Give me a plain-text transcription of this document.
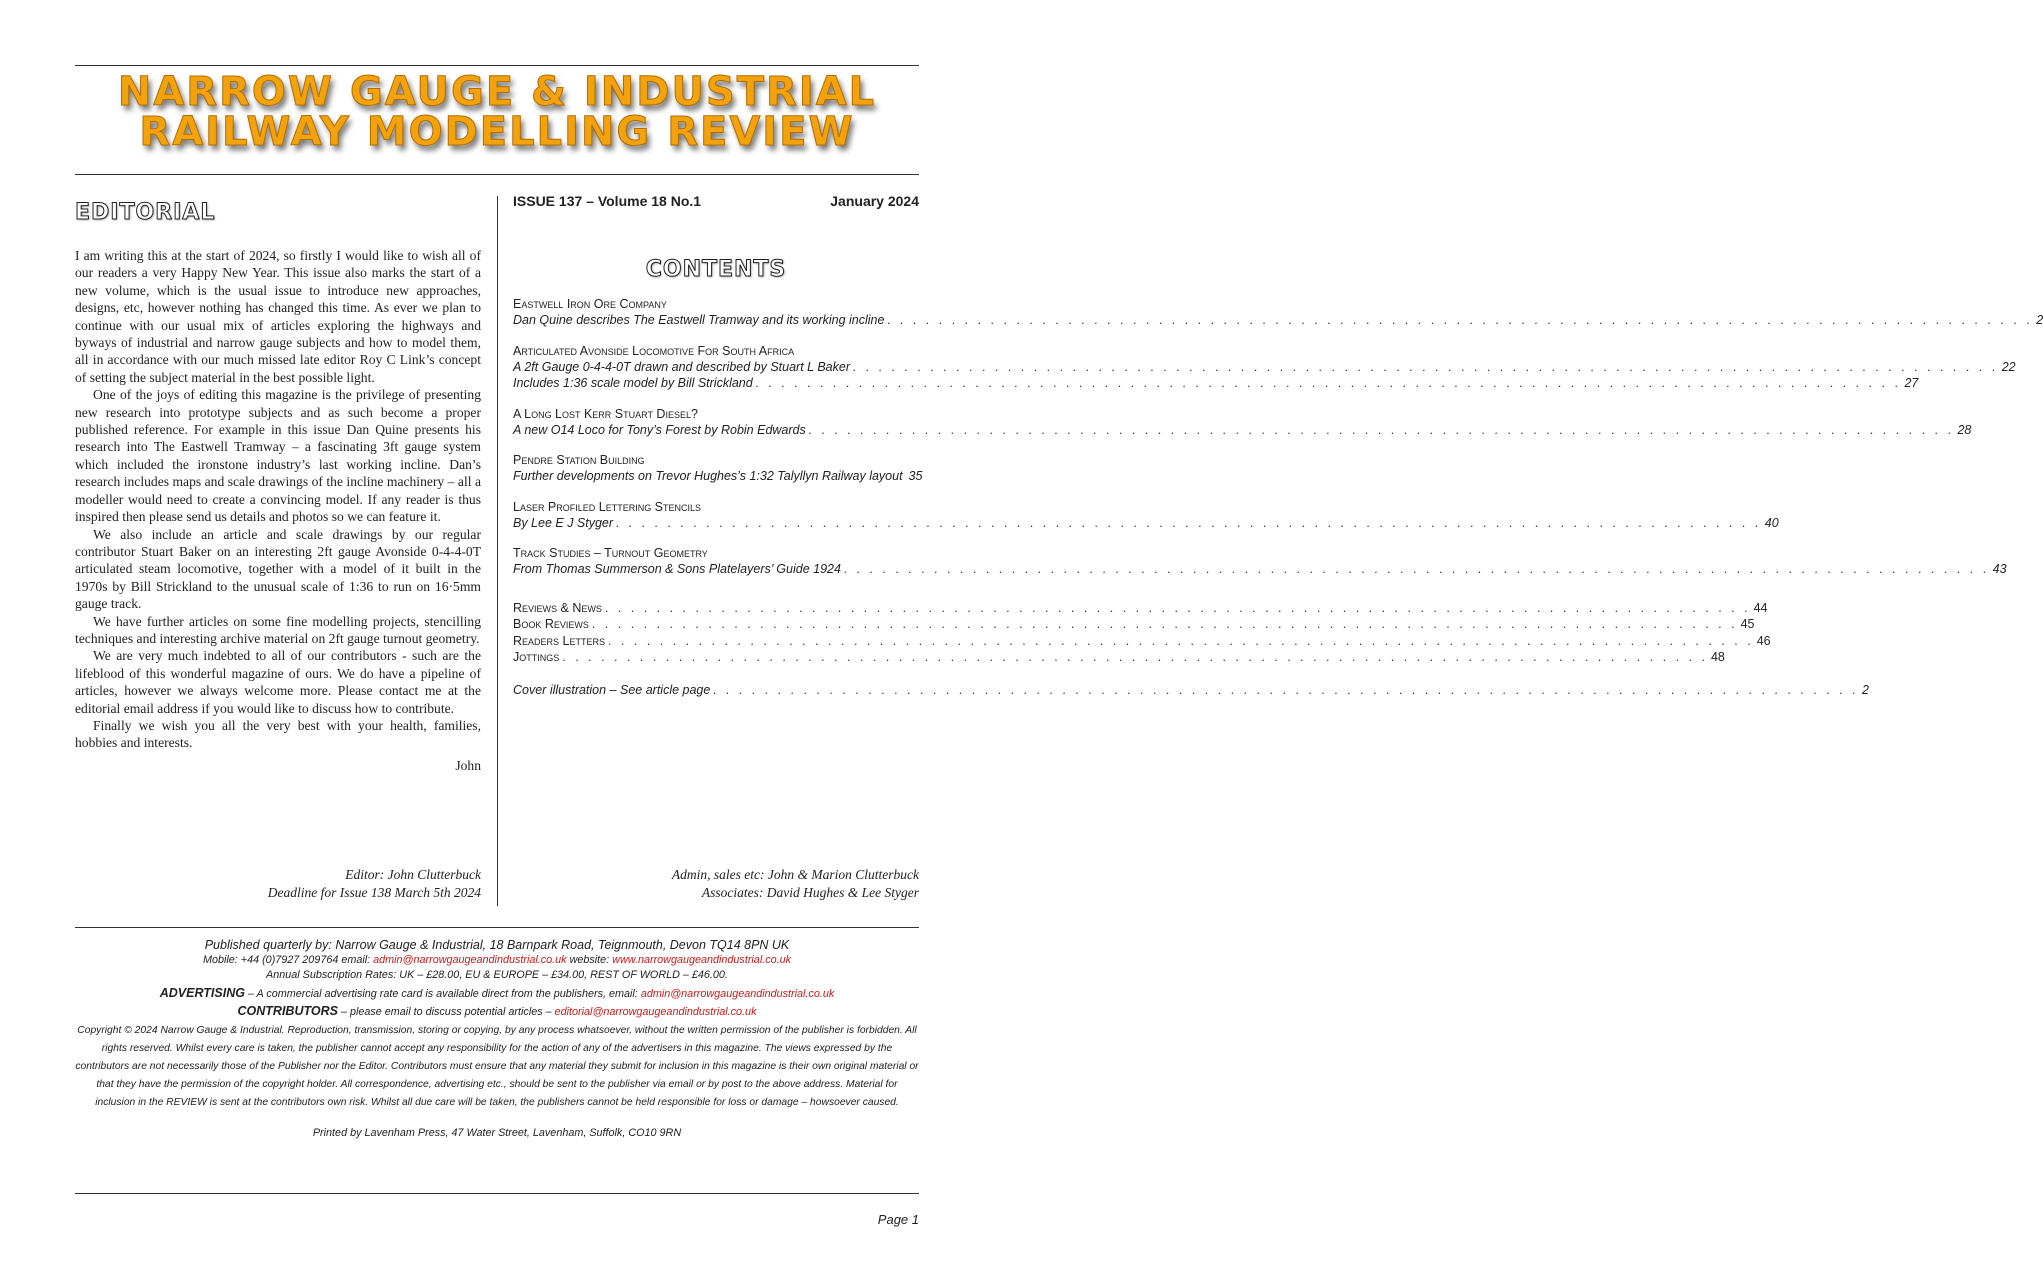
NARROW GAUGE & INDUSTRIAL
RAILWAY MODELLING REVIEW
EDITORIAL

I am writing this at the start of 2024, so firstly I would like to wish all of our readers a very Happy New Year. This issue also marks the start of a new volume, which is the usual issue to introduce new approaches, designs, etc, however nothing has changed this time. As ever we plan to continue with our usual mix of articles exploring the highways and byways of industrial and narrow gauge subjects and how to model them, all in accordance with our much missed late editor Roy C Link’s concept of setting the subject material in the best possible light.

One of the joys of editing this magazine is the privilege of presenting new research into prototype subjects and as such become a proper published reference. For example in this issue Dan Quine presents his research into The Eastwell Tramway – a fascinating 3ft gauge system which included the ironstone industry’s last working incline. Dan’s research includes maps and scale drawings of the incline machinery – all a modeller would need to create a convincing model. If any reader is thus inspired then please send us details and photos so we can feature it.

We also include an article and scale drawings by our regular contributor Stuart Baker on an interesting 2ft gauge Avonside 0-4-4-0T articulated steam locomotive, together with a model of it built in the 1970s by Bill Strickland to the unusual scale of 1:36 to run on 16·5mm gauge track.

We have further articles on some fine modelling projects, stencilling techniques and interesting archive material on 2ft gauge turnout geometry.

We are very much indebted to all of our contributors - such are the lifeblood of this wonderful magazine of ours. We do have a pipeline of articles, however we always welcome more. Please contact me at the editorial email address if you would like to discuss how to contribute.

Finally we wish you all the very best with your health, families, hobbies and interests.

John
Editor: John Clutterbuck
Deadline for Issue 138 March 5th 2024
ISSUE 137 – Volume 18 No.1	January 2024
CONTENTS
Eastwell Iron Ore Company
Dan Quine describes The Eastwell Tramway and its working incline . . .	2
Articulated Avonside Locomotive For South Africa
A 2ft Gauge 0-4-4-0T drawn and described by Stuart L Baker . . .	22
Includes 1:36 scale model by Bill Strickland . . .	27
A Long Lost Kerr Stuart Diesel?
A new O14 Loco for Tony’s Forest by Robin Edwards . . .	28
Pendre Station Building
Further developments on Trevor Hughes’s 1:32 Talyllyn Railway layout 35
Laser Profiled Lettering Stencils
By Lee E J Styger . . .	40
Track Studies – Turnout Geometry
From Thomas Summerson & Sons Platelayers’ Guide 1924 . . .	43
Reviews & News . . .	44
Book Reviews . . .	45
Readers Letters . . .	46
Jottings . . .	48
Cover illustration – See article page . . .	2
Admin, sales etc: John & Marion Clutterbuck
Associates: David Hughes & Lee Styger
Published quarterly by: Narrow Gauge & Industrial, 18 Barnpark Road, Teignmouth, Devon TQ14 8PN UK
Mobile: +44 (0)7927 209764 email: admin@narrowgaugeandindustrial.co.uk website: www.narrowgaugeandindustrial.co.uk
Annual Subscription Rates: UK – £28.00, EU & EUROPE – £34.00, REST OF WORLD – £46.00.
ADVERTISING – A commercial advertising rate card is available direct from the publishers, email: admin@narrowgaugeandindustrial.co.uk
CONTRIBUTORS – please email to discuss potential articles – editorial@narrowgaugeandindustrial.co.uk
Copyright © 2024 Narrow Gauge & Industrial. Reproduction, transmission, storing or copying, by any process whatsoever, without the written permission of the publisher is forbidden. All rights reserved. Whilst every care is taken, the publisher cannot accept any responsibility for the action of any of the advertisers in this magazine. The views expressed by the contributors are not necessarily those of the Publisher nor the Editor. Contributors must ensure that any material they submit for inclusion in this magazine is their own original material or that they have the permission of the copyright holder. All correspondence, advertising etc., should be sent to the publisher via email or by post to the above address. Material for inclusion in the REVIEW is sent at the contributors own risk. Whilst all due care will be taken, the publishers cannot be held responsible for loss or damage – howsoever caused.
Printed by Lavenham Press, 47 Water Street, Lavenham, Suffolk, CO10 9RN
Page 1
